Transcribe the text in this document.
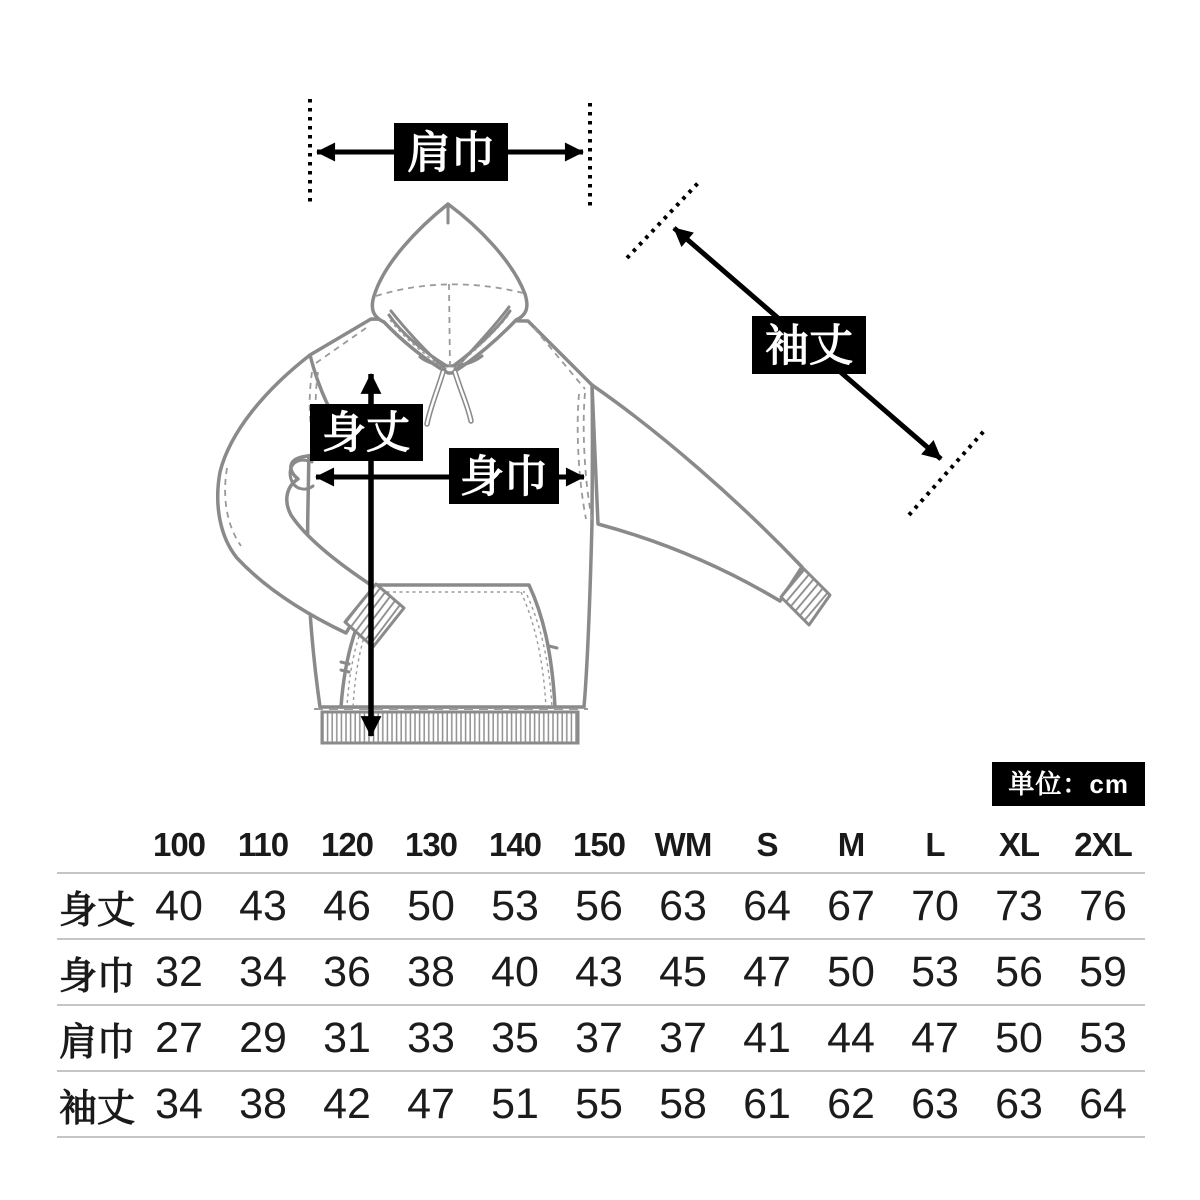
肩巾
袖丈
身丈
身巾
単位：cm
100 110 120 130 140 150 WM	S	M	L	XL	2XL
身丈 40 43 46 50 53 56 63 64 67 70 73 76
身巾 32 34 36 38 40 43 45 47 50 53 56 59
肩巾 27 29 31 33 35 37 37 41 44 47 50 53
袖丈 34 38 42 47 51 55 58 61 62 63 63 64
